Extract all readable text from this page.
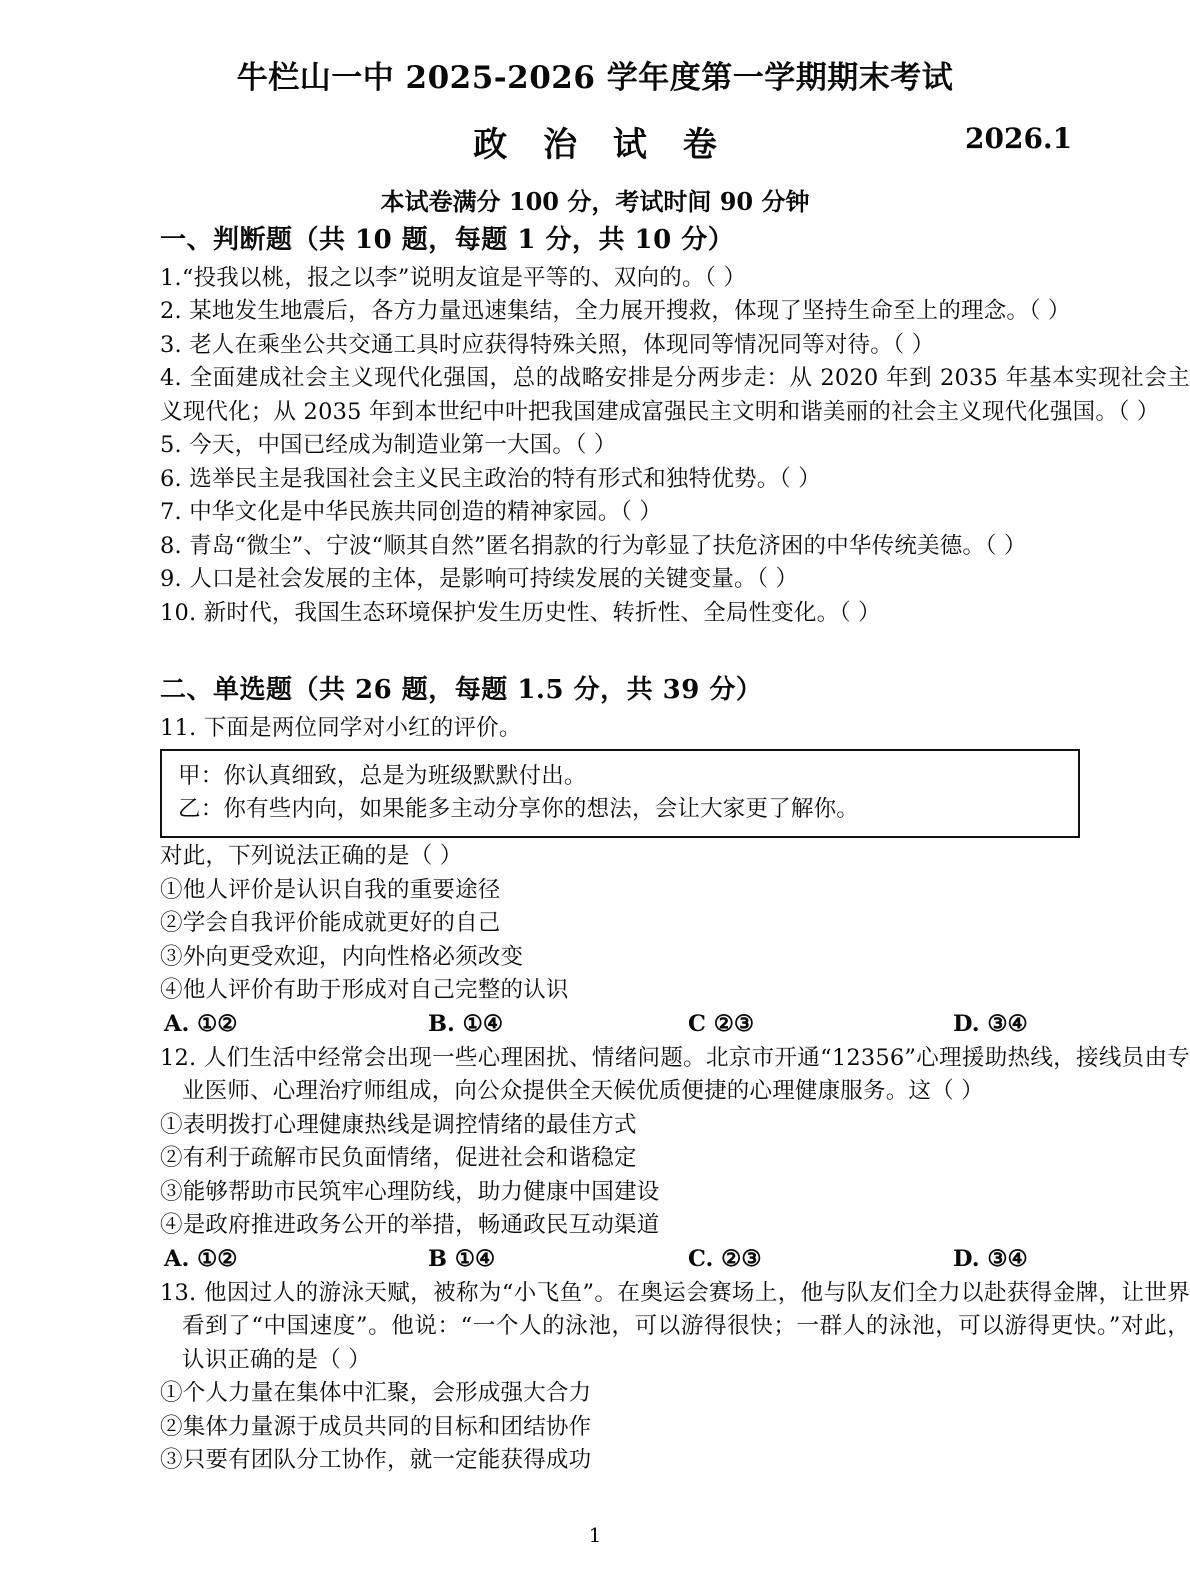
牛栏山一中 2025-2026 学年度第一学期期末考试
政 治 试 卷	2026.1
本试卷满分 100 分，考试时间 90 分钟
一、判断题（共 10 题，每题 1 分，共 10 分）

1.“投我以桃，报之以李”说明友谊是平等的、双向的。（ ）

2. 某地发生地震后，各方力量迅速集结，全力展开搜救，体现了坚持生命至上的理念。（ ）

3. 老人在乘坐公共交通工具时应获得特殊关照，体现同等情况同等对待。（ ）

4. 全面建成社会主义现代化强国，总的战略安排是分两步走：从 2020 年到 2035 年基本实现社会主义现代化；从 2035 年到本世纪中叶把我国建成富强民主文明和谐美丽的社会主义现代化强国。（ ）

5. 今天，中国已经成为制造业第一大国。（ ）

6. 选举民主是我国社会主义民主政治的特有形式和独特优势。（ ）

7. 中华文化是中华民族共同创造的精神家园。（ ）

8. 青岛“微尘”、宁波“顺其自然”匿名捐款的行为彰显了扶危济困的中华传统美德。（ ）

9. 人口是社会发展的主体，是影响可持续发展的关键变量。（ ）

10. 新时代，我国生态环境保护发生历史性、转折性、全局性变化。（ ）

二、单选题（共 26 题，每题 1.5 分，共 39 分）

11. 下面是两位同学对小红的评价。

甲：你认真细致，总是为班级默默付出。
乙：你有些内向，如果能多主动分享你的想法，会让大家更了解你。

对此，下列说法正确的是（ ）

①他人评价是认识自我的重要途径

②学会自我评价能成就更好的自己

③外向更受欢迎，内向性格必须改变

④他人评价有助于形成对自己完整的认识

A. ①②	B. ①④	C ②③	D. ③④

12. 人们生活中经常会出现一些心理困扰、情绪问题。北京市开通“12356”心理援助热线，接线员由专业医师、心理治疗师组成，向公众提供全天候优质便捷的心理健康服务。这（ ）

①表明拨打心理健康热线是调控情绪的最佳方式

②有利于疏解市民负面情绪，促进社会和谐稳定

③能够帮助市民筑牢心理防线，助力健康中国建设

④是政府推进政务公开的举措，畅通政民互动渠道

A. ①②	B ①④	C. ②③	D. ③④

13. 他因过人的游泳天赋，被称为“小飞鱼”。在奥运会赛场上，他与队友们全力以赴获得金牌，让世界看到了“中国速度”。他说：“一个人的泳池，可以游得很快；一群人的泳池，可以游得更快。”对此，认识正确的是（ ）

①个人力量在集体中汇聚，会形成强大合力

②集体力量源于成员共同的目标和团结协作

③只要有团队分工协作，就一定能获得成功

1
